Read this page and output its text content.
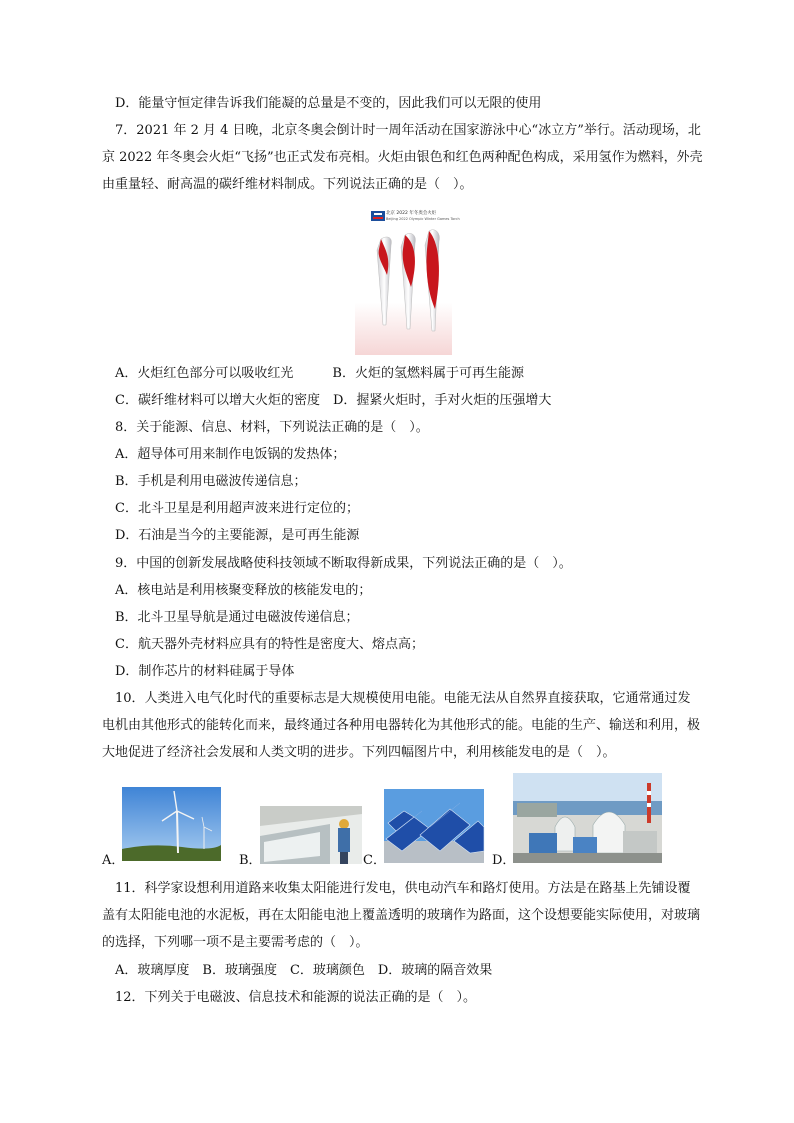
D．能量守恒定律告诉我们能凝的总量是不变的，因此我们可以无限的使用
7．2021 年 2 月 4 日晚，北京冬奥会倒计时一周年活动在国家游泳中心“冰立方”举行。活动现场，北
京 2022 年冬奥会火炬“飞扬”也正式发布亮相。火炬由银色和红色两种配色构成，采用氢作为燃料，外壳
由重量轻、耐高温的碳纤维材料制成。下列说法正确的是（　）。
北京 2022 年冬奥会火炬
Beijing 2022 Olympic Winter Games Torch
A．火炬红色部分可以吸收红光　　　B．火炬的氢燃料属于可再生能源
C．碳纤维材料可以增大火炬的密度　D．握紧火炬时，手对火炬的压强增大
8．关于能源、信息、材料，下列说法正确的是（　）。
A．超导体可用来制作电饭锅的发热体；
B．手机是利用电磁波传递信息；
C．北斗卫星是利用超声波来进行定位的；
D．石油是当今的主要能源，是可再生能源
9．中国的创新发展战略使科技领域不断取得新成果，下列说法正确的是（　）。
A．核电站是利用核聚变释放的核能发电的；
B．北斗卫星导航是通过电磁波传递信息；
C．航天器外壳材料应具有的特性是密度大、熔点高；
D．制作芯片的材料硅属于导体
10．人类进入电气化时代的重要标志是大规模使用电能。电能无法从自然界直接获取，它通常通过发
电机由其他形式的能转化而来，最终通过各种用电器转化为其他形式的能。电能的生产、输送和利用，极
大地促进了经济社会发展和人类文明的进步。下列四幅图片中，利用核能发电的是（　）。
A．	B．	C．	D．
11．科学家设想利用道路来收集太阳能进行发电，供电动汽车和路灯使用。方法是在路基上先铺设覆
盖有太阳能电池的水泥板，再在太阳能电池上覆盖透明的玻璃作为路面，这个设想要能实际使用，对玻璃
的选择，下列哪一项不是主要需考虑的（　）。
A．玻璃厚度　B．玻璃强度　C．玻璃颜色　D．玻璃的隔音效果
12．下列关于电磁波、信息技术和能源的说法正确的是（　）。
